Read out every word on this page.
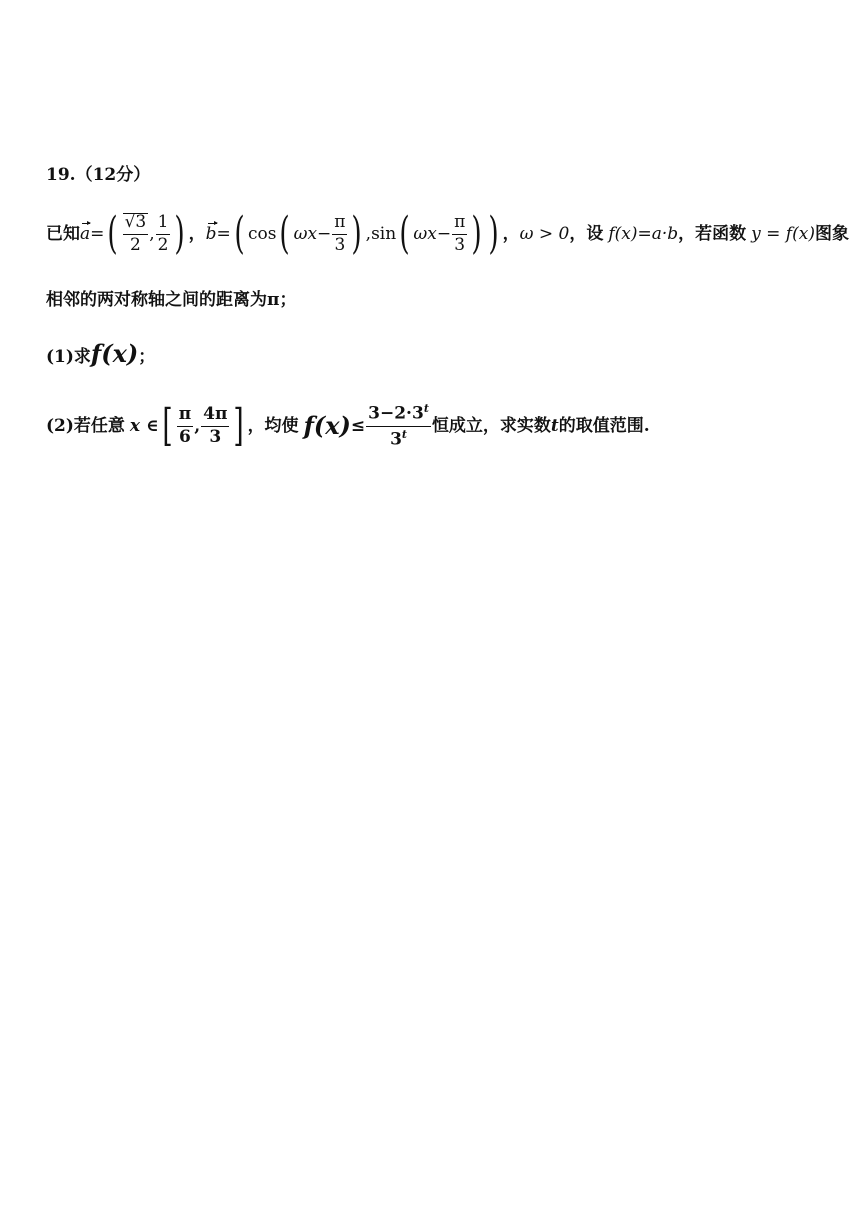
19.（12分）
已知 a = ( $\frac{√3}{2}$ , $\frac{1}{2}$ ) ， b = ( cos ( $\omega x - \frac{\pi}{3}$ ) , sin ( $\omega x - \frac{\pi}{3}$ ) ) ， ω > 0 ， 设 f(x) = a·b ， 若函数 y = f(x) 图象
相邻的两对称轴之间的距离为π；
(1)求f(x)；
(2)若任意 x ∈ [ $\frac{\pi}{6}$ , $\frac{4\pi}{3}$ ] ，均使 $f(x) \le \frac{3-2\cdot 3^t}{3^t}$ 恒成立，求实数 t 的取值范围.
